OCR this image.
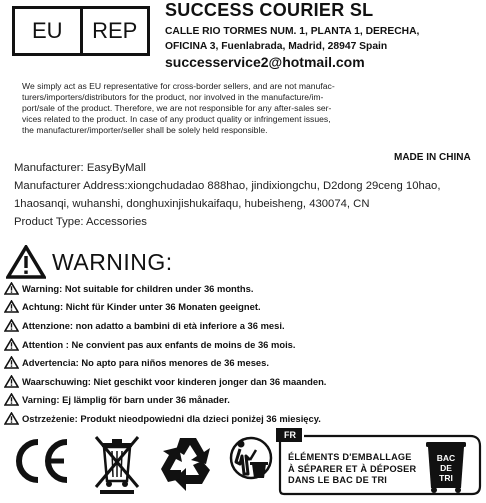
EU	REP
SUCCESS COURIER SL
CALLE RIO TORMES NUM. 1, PLANTA 1, DERECHA,
OFICINA 3, Fuenlabrada, Madrid, 28947 Spain
successervice2@hotmail.com
We simply act as EU representative for cross-border sellers, and are not manufac-
turers/importers/distributors for the product, nor involved in the manufacture/im-
port/sale of the product. Therefore, we are not responsible for any after-sales ser-
vices related to the product. In case of any product quality or infringement issues,
the manufacturer/importer/seller shall be solely held responsible.
MADE IN CHINA
Manufacturer: EasyByMall
Manufacturer Address:xiongchudadao 888hao, jindixiongchu, D2dong 29ceng 10hao,
1haosanqi, wuhanshi, donghuxinjishukaifaqu, hubeisheng, 430074, CN
Product Type: Accessories
WARNING:
Warning: Not suitable for children under 36 months.
Achtung: Nicht für Kinder unter 36 Monaten geeignet.
Attenzione: non adatto a bambini di età inferiore a 36 mesi.
Attention : Ne convient pas aux enfants de moins de 36 mois.
Advertencia: No apto para niños menores de 36 meses.
Waarschuwing: Niet geschikt voor kinderen jonger dan 36 maanden.
Varning: Ej lämplig för barn under 36 månader.
Ostrzeżenie: Produkt nieodpowiedni dla dzieci poniżej 36 miesięcy.
FR
ÉLÉMENTS D'EMBALLAGE
À SÉPARER ET À DÉPOSER
DANS LE BAC DE TRI
BAC
DE
TRI
